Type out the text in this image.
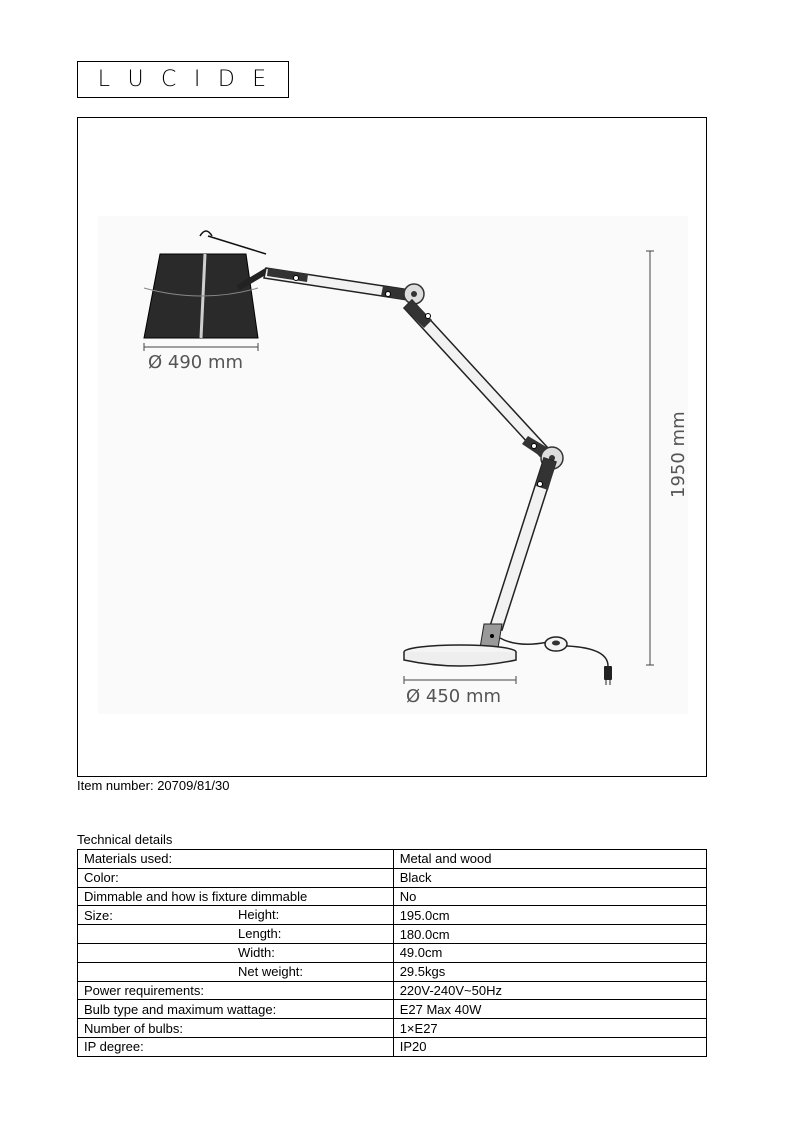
L U C I D E
Ø 490 mm
Ø 450 mm
1950 mm
Item number: 20709/81/30
Technical details
Materials used:	Metal and wood
Color:	Black
Dimmable and how is fixture dimmable	No
Size: Height:	195.0cm

Length:	180.0cm

Width:	49.0cm

Net weight:	29.5kgs
Power requirements:	220V-240V~50Hz
Bulb type and maximum wattage:	E27 Max 40W
Number of bulbs:	1×E27
IP degree:	IP20
